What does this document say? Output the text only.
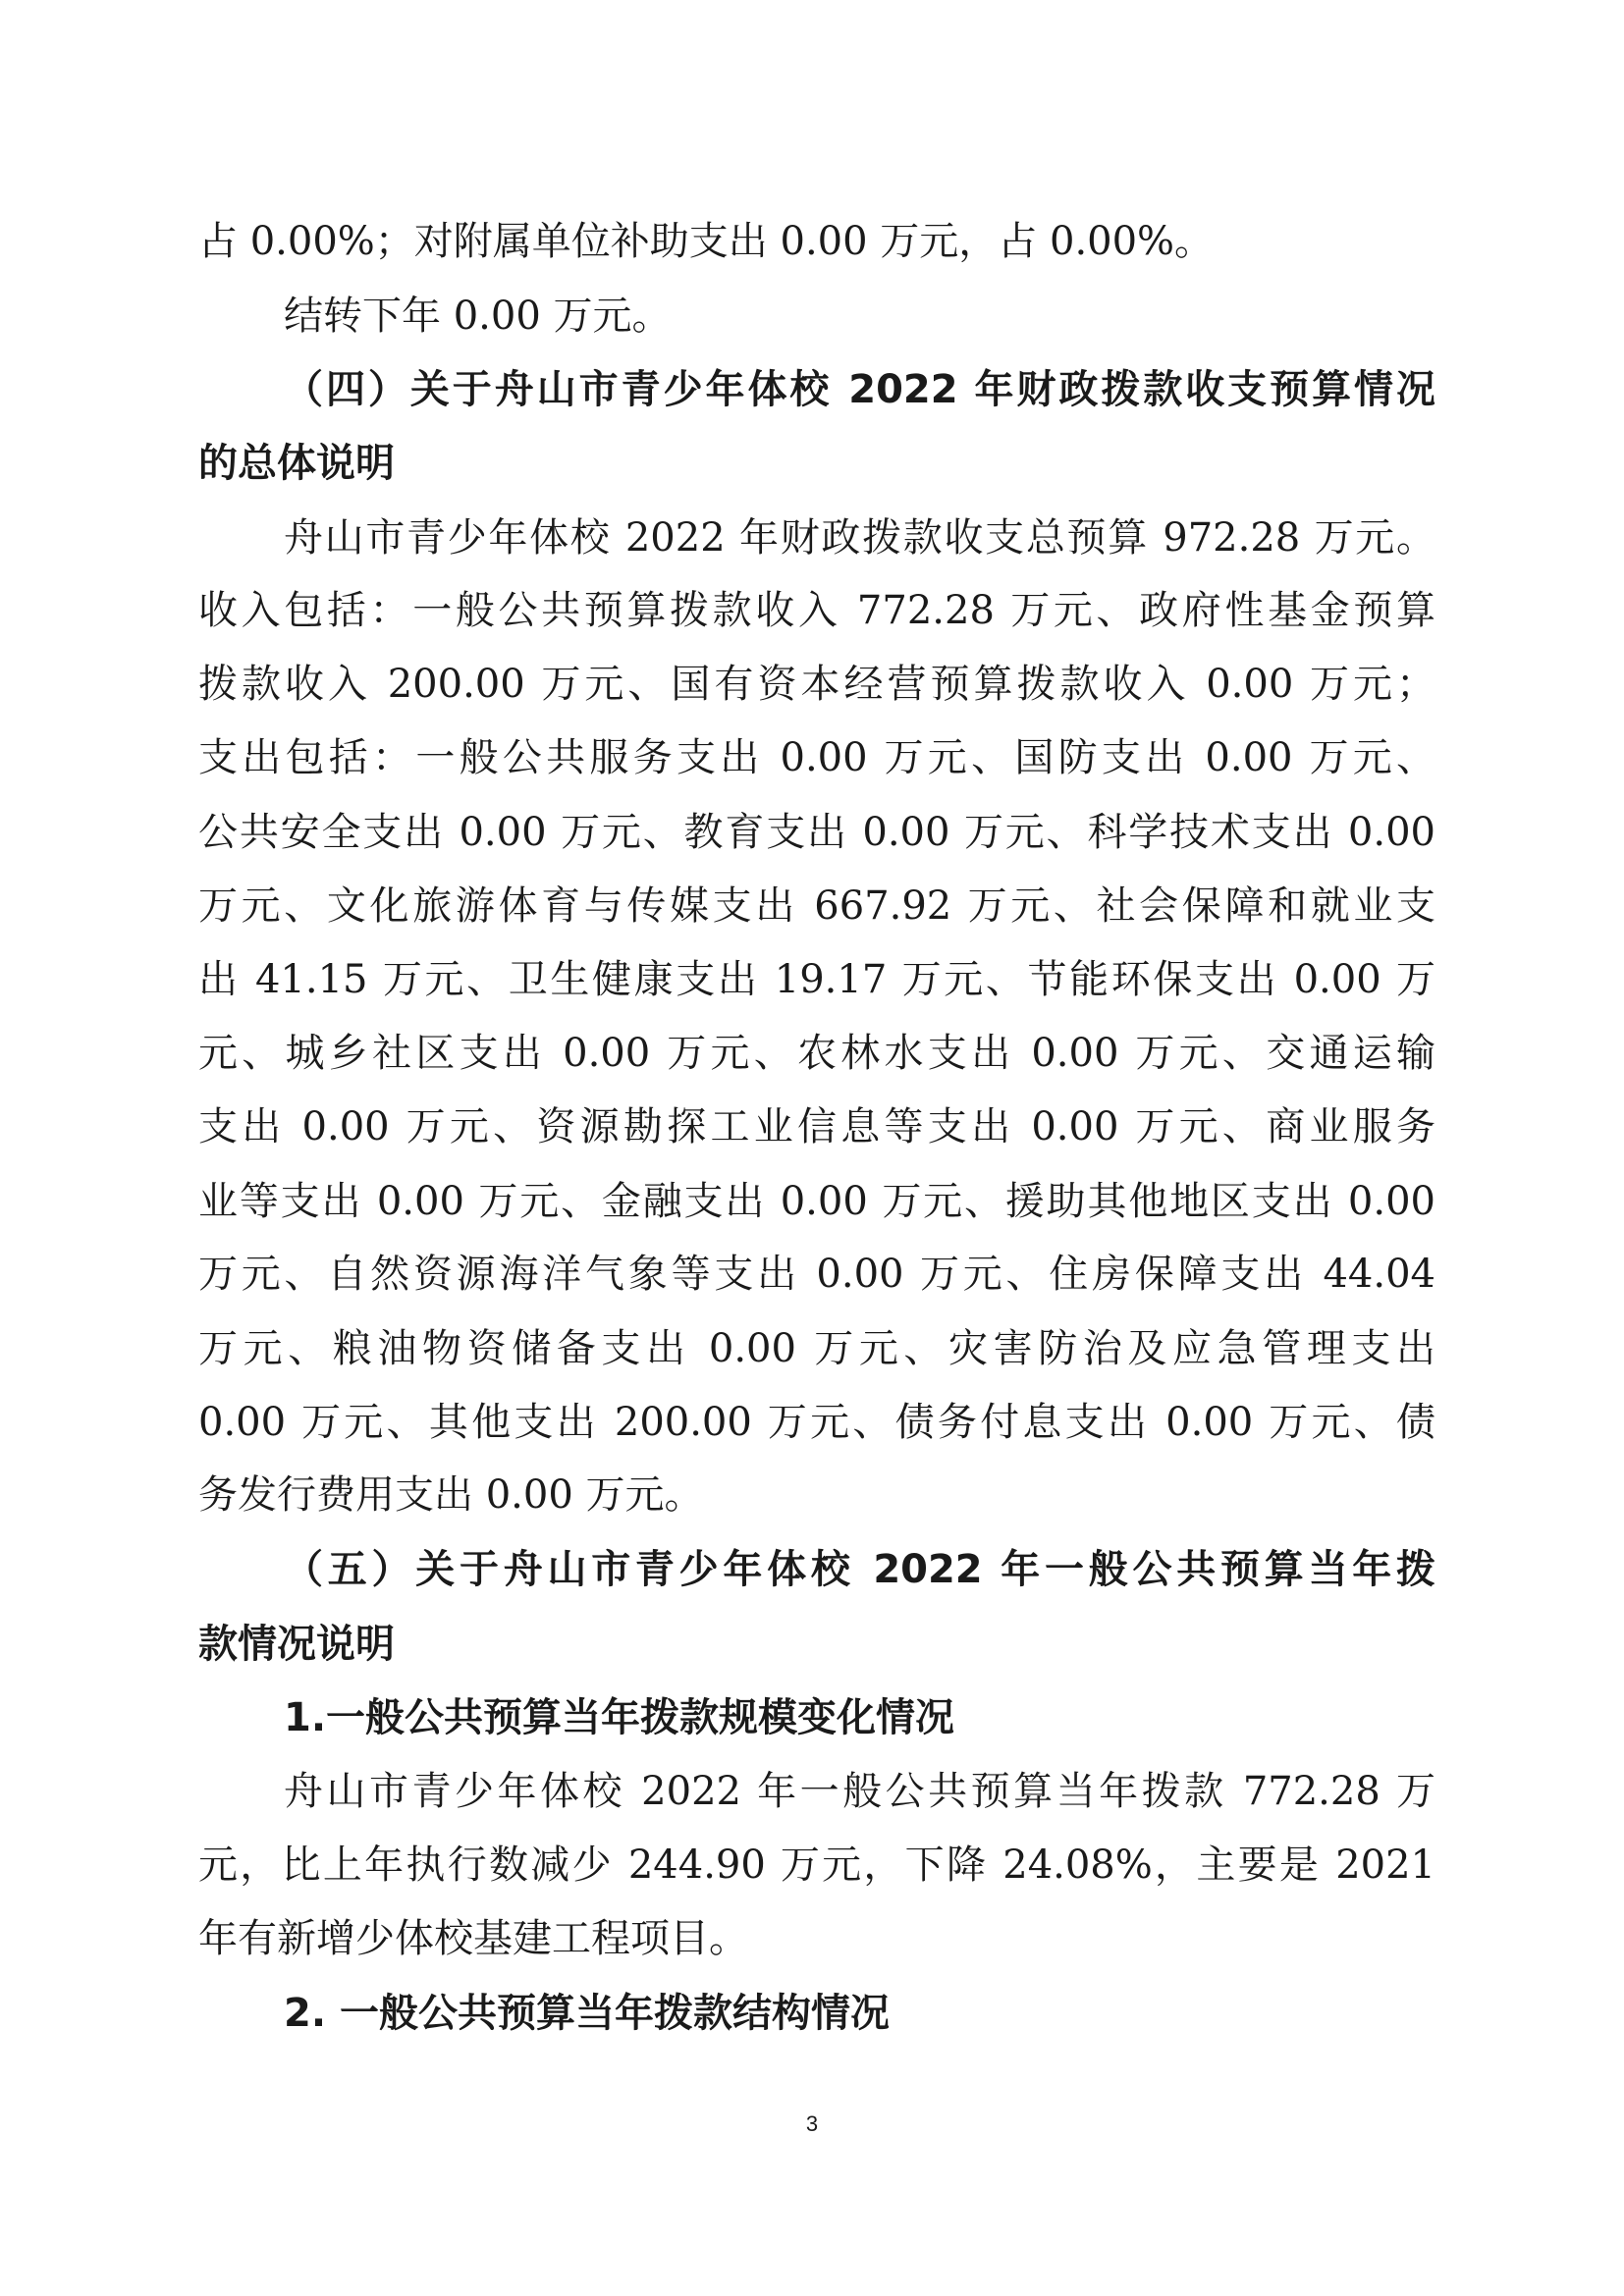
占 0.00%；对附属单位补助支出 0.00 万元，占 0.00%。
结转下年 0.00 万元。
（四）关于舟山市青少年体校 2022 年财政拨款收支预算情况
的总体说明
舟山市青少年体校 2022 年财政拨款收支总预算 972.28 万元。
收入包括：一般公共预算拨款收入 772.28 万元、政府性基金预算
拨款收入 200.00 万元、国有资本经营预算拨款收入 0.00 万元；
支出包括：一般公共服务支出 0.00 万元、国防支出 0.00 万元、
公共安全支出 0.00 万元、教育支出 0.00 万元、科学技术支出 0.00
万元、文化旅游体育与传媒支出 667.92 万元、社会保障和就业支
出 41.15 万元、卫生健康支出 19.17 万元、节能环保支出 0.00 万
元、城乡社区支出 0.00 万元、农林水支出 0.00 万元、交通运输
支出 0.00 万元、资源勘探工业信息等支出 0.00 万元、商业服务
业等支出 0.00 万元、金融支出 0.00 万元、援助其他地区支出 0.00
万元、自然资源海洋气象等支出 0.00 万元、住房保障支出 44.04
万元、粮油物资储备支出 0.00 万元、灾害防治及应急管理支出
0.00 万元、其他支出 200.00 万元、债务付息支出 0.00 万元、债
务发行费用支出 0.00 万元。
（五）关于舟山市青少年体校 2022 年一般公共预算当年拨
款情况说明
1.一般公共预算当年拨款规模变化情况
舟山市青少年体校 2022 年一般公共预算当年拨款 772.28 万
元，比上年执行数减少 244.90 万元，下降 24.08%，主要是 2021
年有新增少体校基建工程项目。
2. 一般公共预算当年拨款结构情况
3
